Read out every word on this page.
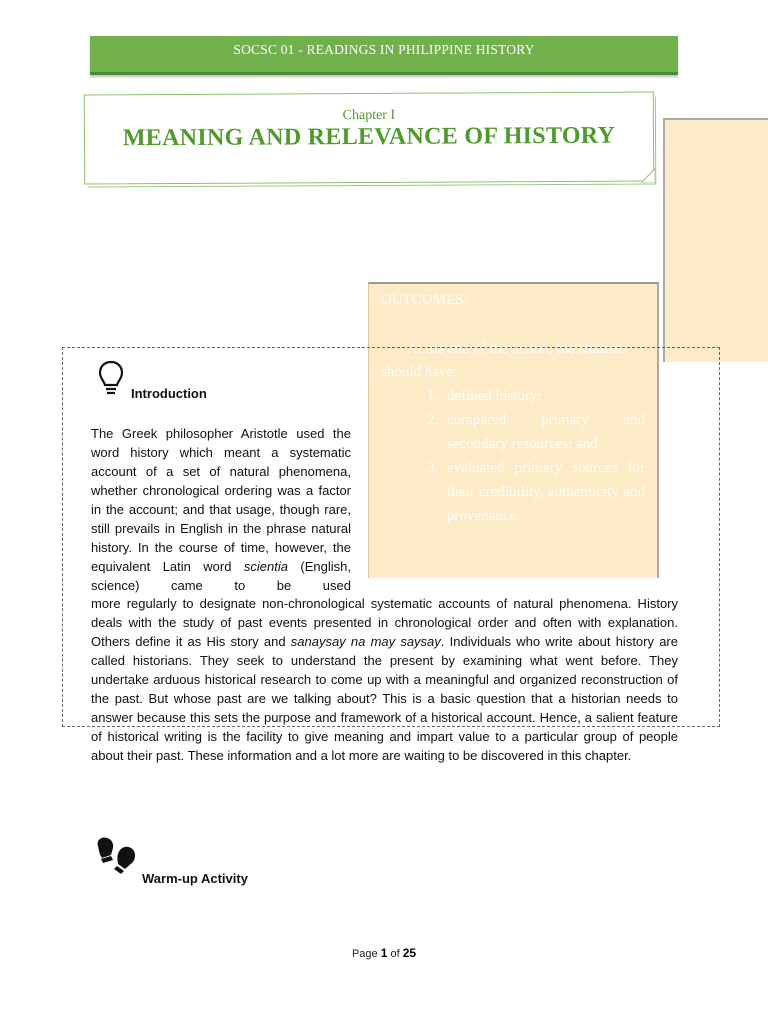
SOCSC 01 - READINGS IN PHILIPPINE HISTORY
Chapter I
MEANING AND RELEVANCE OF HISTORY
OUTCOMES:
At the end of the lesson, the students should have:
1. defined history;
2. compared primary and secondary resources; and
3. evaluated primary sources for their credibility, authenticity and provenance.
Introduction
The Greek philosopher Aristotle used the word history which meant a systematic account of a set of natural phenomena, whether chronological ordering was a factor in the account; and that usage, though rare, still prevails in English in the phrase natural history. In the course of time, however, the equivalent Latin word scientia (English, science) came to be used
more regularly to designate non-chronological systematic accounts of natural phenomena. History deals with the study of past events presented in chronological order and often with explanation. Others define it as His story and sanaysay na may saysay. Individuals who write about history are called historians. They seek to understand the present by examining what went before. They undertake arduous historical research to come up with a meaningful and organized reconstruction of the past. But whose past are we talking about? This is a basic question that a historian needs to answer because this sets the purpose and framework of a historical account. Hence, a salient feature of historical writing is the facility to give meaning and impart value to a particular group of people about their past. These information and a lot more are waiting to be discovered in this chapter.
Warm-up Activity
Page 1 of 25
